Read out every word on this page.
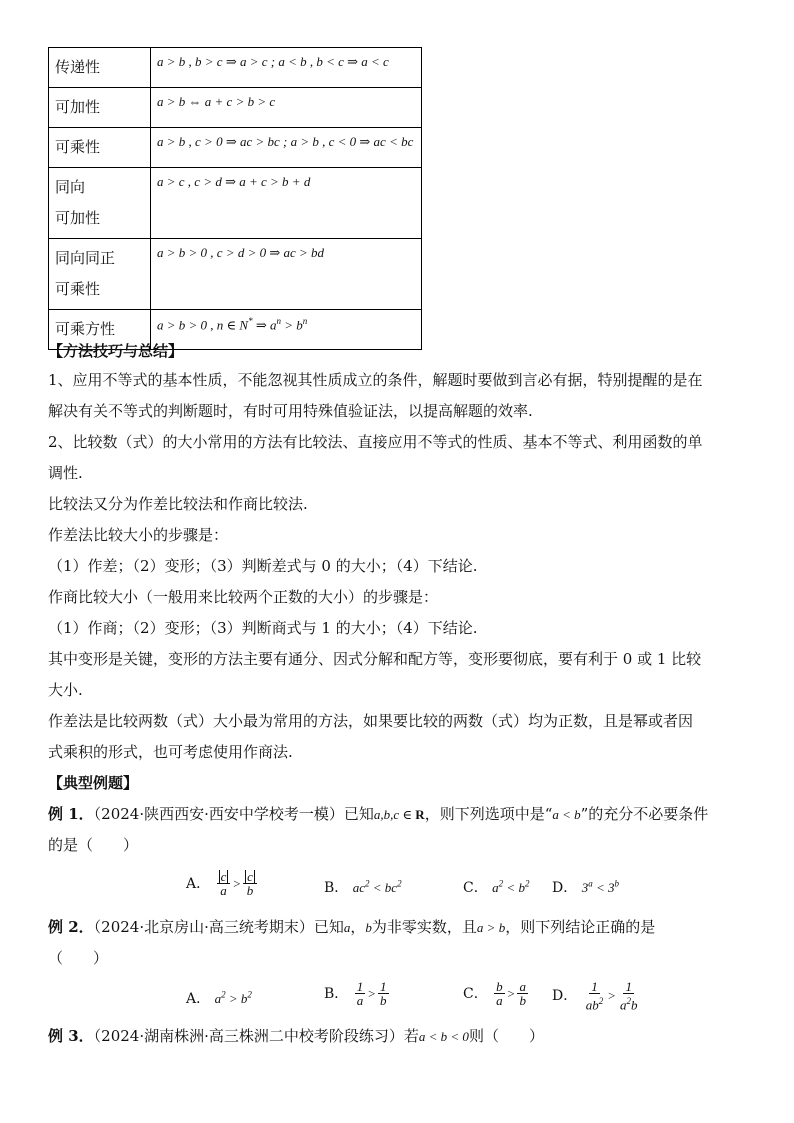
传递性	a > b , b > c ⇒ a > c ; a < b , b < c ⇒ a < c
可加性	a > b ⇔ a + c > b > c
可乘性	a > b , c > 0 ⇒ ac > bc ; a > b , c < 0 ⇒ ac < bc

同向
可加性	a > c , c > d ⇒ a + c > b + d

同向同正
可乘性	a > b > 0 , c > d > 0 ⇒ ac > bd
可乘方性	a > b > 0 , n ∈ N* ⇒ $a^n > b^n$
【方法技巧与总结】
1、应用不等式的基本性质，不能忽视其性质成立的条件，解题时要做到言必有据，特别提醒的是在
解决有关不等式的判断题时，有时可用特殊值验证法，以提高解题的效率.
2、比较数（式）的大小常用的方法有比较法、直接应用不等式的性质、基本不等式、利用函数的单
调性.
比较法又分为作差比较法和作商比较法.
作差法比较大小的步骤是：
（1）作差；（2）变形；（3）判断差式与 0 的大小；（4）下结论.
作商比较大小（一般用来比较两个正数的大小）的步骤是：
（1）作商；（2）变形；（3）判断商式与 1 的大小；（4）下结论.
其中变形是关键，变形的方法主要有通分、因式分解和配方等，变形要彻底，要有利于 0 或 1 比较
大小.
作差法是比较两数（式）大小最为常用的方法，如果要比较的两数（式）均为正数，且是幂或者因
式乘积的形式，也可考虑使用作商法.
【典型例题】
例 1．（2024·陕西西安·西安中学校考一模）已知a,b,c ∈ R，则下列选项中是“a < b”的充分不必要条件
的是（　　）
A． $\frac{c}{a} > \frac{c}{b}$	B． $ac^2 < bc^2$	C． $a^2 < b^2$ D． $3^a < 3^b$
例 2．（2024·北京房山·高三统考期末）已知a，b为非零实数，且a > b，则下列结论正确的是
（　　）
A． $a^2 > b^2$	B． $\frac{1}{a} > \frac{1}{b}$	C． $\frac{b}{a} > \frac{a}{b}$ D． $\frac{1}{ab^2} > \frac{1}{a^2b}$
例 3．（2024·湖南株洲·高三株洲二中校考阶段练习）若a < b < 0则（　　）
